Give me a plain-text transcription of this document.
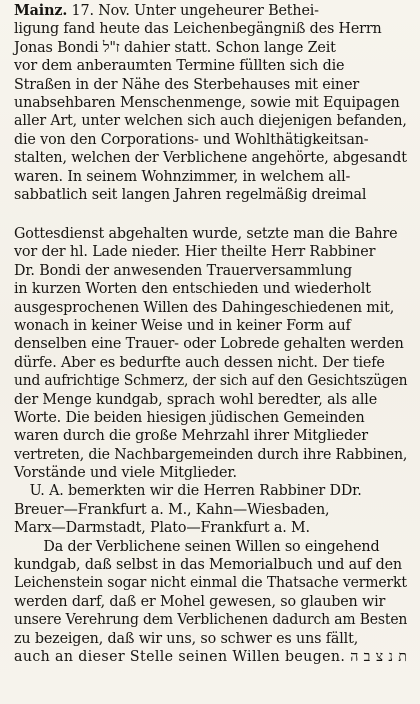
Mainz. 17. Nov. Unter ungeheurer Bethei-
ligung fand heute das Leichenbegängniß des Herrn
Jonas Bondi ז"ל dahier statt. Schon lange Zeit
vor dem anberaumten Termine füllten sich die
Straßen in der Nähe des Sterbehauses mit einer
unabsehbaren Menschenmenge, sowie mit Equipagen
aller Art, unter welchen sich auch diejenigen befanden,
die von den Corporations- und Wohlthätigkeitsan-
stalten, welchen der Verblichene angehörte, abgesandt
waren. In seinem Wohnzimmer, in welchem all-
sabbatlich seit langen Jahren regelmäßig dreimal
Gottesdienst abgehalten wurde, setzte man die Bahre
vor der hl. Lade nieder. Hier theilte Herr Rabbiner
Dr. Bondi der anwesenden Trauerversammlung
in kurzen Worten den entschieden und wiederholt
ausgesprochenen Willen des Dahingeschiedenen mit,
wonach in keiner Weise und in keiner Form auf
denselben eine Trauer- oder Lobrede gehalten werden
dürfe. Aber es bedurfte auch dessen nicht. Der tiefe
und aufrichtige Schmerz, der sich auf den Gesichtszügen
der Menge kundgab, sprach wohl beredter, als alle
Worte. Die beiden hiesigen jüdischen Gemeinden
waren durch die große Mehrzahl ihrer Mitglieder
vertreten, die Nachbargemeinden durch ihre Rabbinen,
Vorstände und viele Mitglieder.
U. A. bemerkten wir die Herren Rabbiner DDr.
Breuer—Frankfurt a. M., Kahn—Wiesbaden,
Marx—Darmstadt, Plato—Frankfurt a. M.
Da der Verblichene seinen Willen so eingehend
kundgab, daß selbst in das Memorialbuch und auf den
Leichenstein sogar nicht einmal die Thatsache vermerkt
werden darf, daß er Mohel gewesen, so glauben wir
unsere Verehrung dem Verblichenen dadurch am Besten
zu bezeigen, daß wir uns, so schwer es uns fällt,
auch an dieser Stelle seinen Willen beugen. ת נ צ ב ה
